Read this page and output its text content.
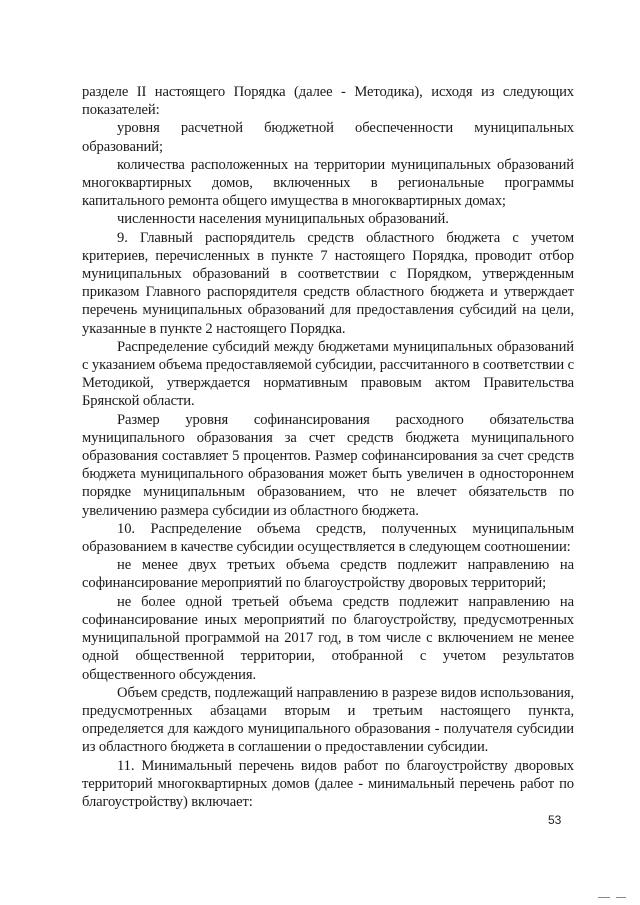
разделе II настоящего Порядка (далее - Методика), исходя из следующих показателей:

уровня расчетной бюджетной обеспеченности муниципальных образований;

количества расположенных на территории муниципальных образований многоквартирных домов, включенных в региональные программы капитального ремонта общего имущества в многоквартирных домах;

численности населения муниципальных образований.

9. Главный распорядитель средств областного бюджета с учетом критериев, перечисленных в пункте 7 настоящего Порядка, проводит отбор муниципальных образований в соответствии с Порядком, утвержденным приказом Главного распорядителя средств областного бюджета и утверждает перечень муниципальных образований для предоставления субсидий на цели, указанные в пункте 2 настоящего Порядка.

Распределение субсидий между бюджетами муниципальных образований с указанием объема предоставляемой субсидии, рассчитанного в соответствии с Методикой, утверждается нормативным правовым актом Правительства Брянской области.

Размер уровня софинансирования расходного обязательства муниципального образования за счет средств бюджета муниципального образования составляет 5 процентов. Размер софинансирования за счет средств бюджета муниципального образования может быть увеличен в одностороннем порядке муниципальным образованием, что не влечет обязательств по увеличению размера субсидии из областного бюджета.

10. Распределение объема средств, полученных муниципальным образованием в качестве субсидии осуществляется в следующем соотношении:

не менее двух третьих объема средств подлежит направлению на софинансирование мероприятий по благоустройству дворовых территорий;

не более одной третьей объема средств подлежит направлению на софинансирование иных мероприятий по благоустройству, предусмотренных муниципальной программой на 2017 год, в том числе с включением не менее одной общественной территории, отобранной с учетом результатов общественного обсуждения.

Объем средств, подлежащий направлению в разрезе видов использования, предусмотренных абзацами вторым и третьим настоящего пункта, определяется для каждого муниципального образования - получателя субсидии из областного бюджета в соглашении о предоставлении субсидии.

11. Минимальный перечень видов работ по благоустройству дворовых территорий многоквартирных домов (далее - минимальный перечень работ по благоустройству) включает:

53
